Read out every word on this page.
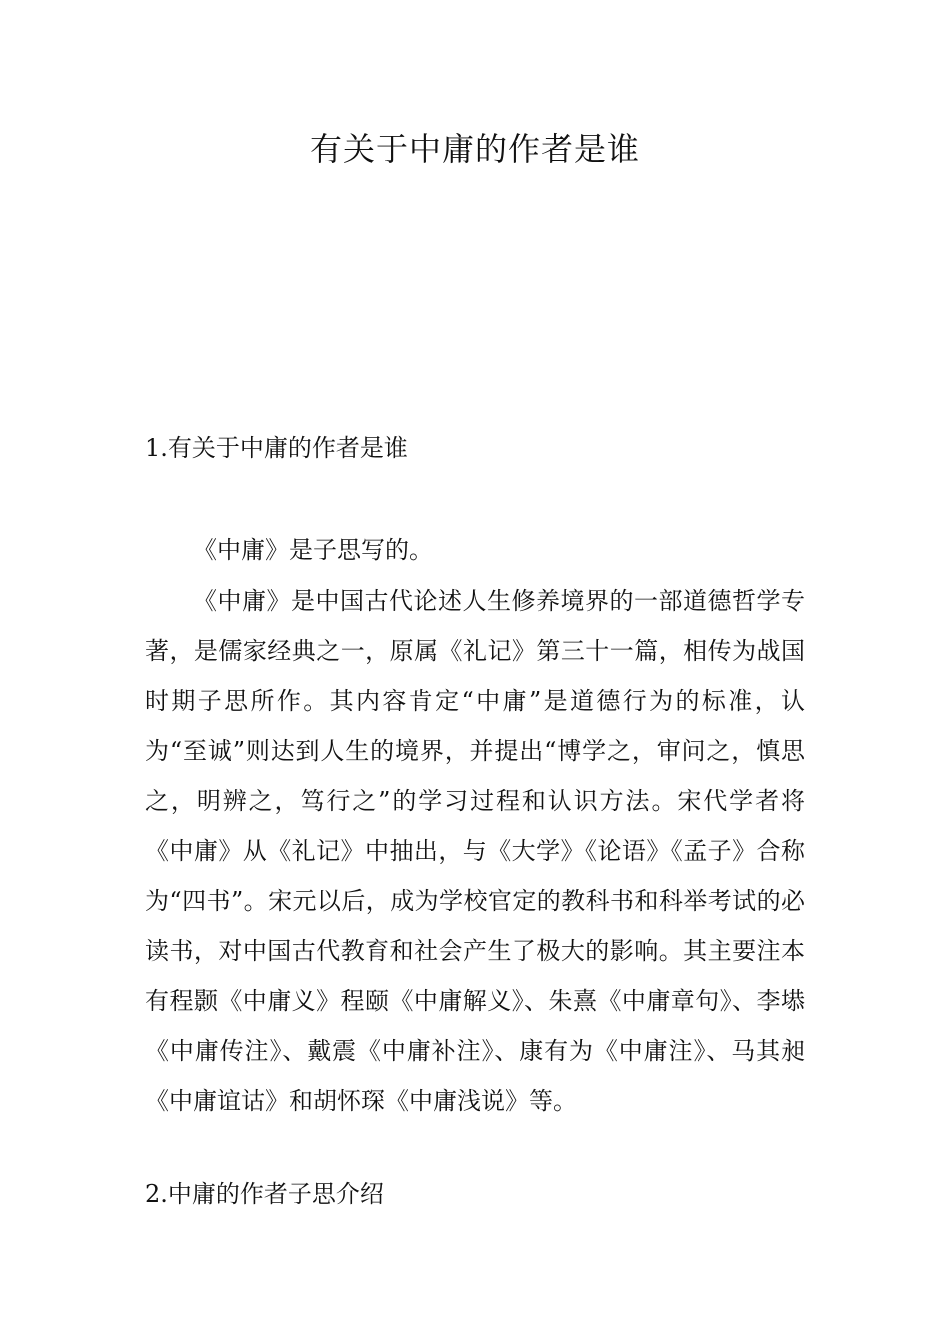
有关于中庸的作者是谁
1.有关于中庸的作者是谁

《中庸》是子思写的。

《中庸》是中国古代论述人生修养境界的一部道德哲学专著，是儒家经典之一，原属《礼记》第三十一篇，相传为战国时期子思所作。其内容肯定“中庸”是道德行为的标准，认为“至诚”则达到人生的境界，并提出“博学之，审问之，慎思之，明辨之，笃行之”的学习过程和认识方法。宋代学者将《中庸》从《礼记》中抽出，与《大学》《论语》《孟子》合称为“四书”。宋元以后，成为学校官定的教科书和科举考试的必读书，对中国古代教育和社会产生了极大的影响。其主要注本有程颢《中庸义》程颐《中庸解义》、朱熹《中庸章句》、李塨《中庸传注》、戴震《中庸补注》、康有为《中庸注》、马其昶《中庸谊诂》和胡怀琛《中庸浅说》等。

2.中庸的作者子思介绍
